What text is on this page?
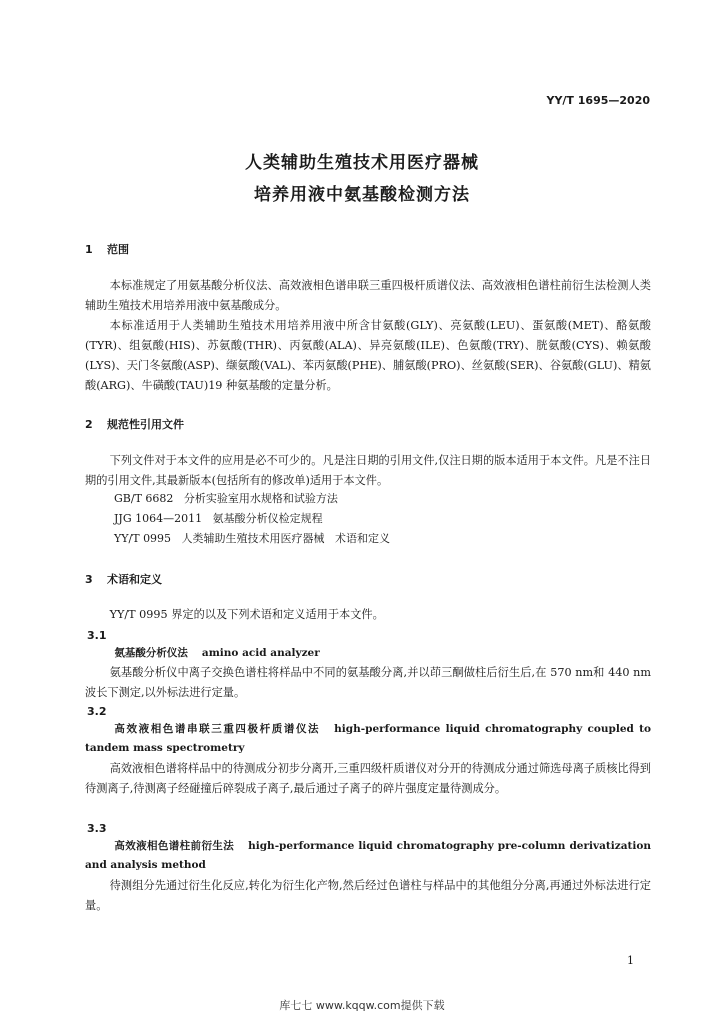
YY/T 1695—2020
人类辅助生殖技术用医疗器械
培养用液中氨基酸检测方法
1 范围
本标准规定了用氨基酸分析仪法、高效液相色谱串联三重四极杆质谱仪法、高效液相色谱柱前衍生法检测人类辅助生殖技术用培养用液中氨基酸成分。
本标准适用于人类辅助生殖技术用培养用液中所含甘氨酸(GLY)、亮氨酸(LEU)、蛋氨酸(MET)、酪氨酸(TYR)、组氨酸(HIS)、苏氨酸(THR)、丙氨酸(ALA)、异亮氨酸(ILE)、色氨酸(TRY)、胱氨酸(CYS)、赖氨酸(LYS)、天门冬氨酸(ASP)、缬氨酸(VAL)、苯丙氨酸(PHE)、脯氨酸(PRO)、丝氨酸(SER)、谷氨酸(GLU)、精氨酸(ARG)、牛磺酸(TAU)19 种氨基酸的定量分析。
2 规范性引用文件
下列文件对于本文件的应用是必不可少的。凡是注日期的引用文件,仅注日期的版本适用于本文件。凡是不注日期的引用文件,其最新版本(包括所有的修改单)适用于本文件。
GB/T 6682   分析实验室用水规格和试验方法
JJG 1064—2011   氨基酸分析仪检定规程
YY/T 0995   人类辅助生殖技术用医疗器械   术语和定义
3 术语和定义
YY/T 0995 界定的以及下列术语和定义适用于本文件。
3.1
氨基酸分析仪法 amino acid analyzer
氨基酸分析仪中离子交换色谱柱将样品中不同的氨基酸分离,并以茚三酮做柱后衍生后,在 570 nm和 440 nm 波长下测定,以外标法进行定量。
3.2
高效液相色谱串联三重四极杆质谱仪法 high-performance liquid chromatography coupled to tandem mass spectrometry
高效液相色谱将样品中的待测成分初步分离开,三重四级杆质谱仪对分开的待测成分通过筛选母离子质核比得到待测离子,待测离子经碰撞后碎裂成子离子,最后通过子离子的碎片强度定量待测成分。
3.3
高效液相色谱柱前衍生法 high-performance liquid chromatography pre-column derivatization and analysis method
待测组分先通过衍生化反应,转化为衍生化产物,然后经过色谱柱与样品中的其他组分分离,再通过外标法进行定量。
1
库七七 www.kqqw.com提供下载
